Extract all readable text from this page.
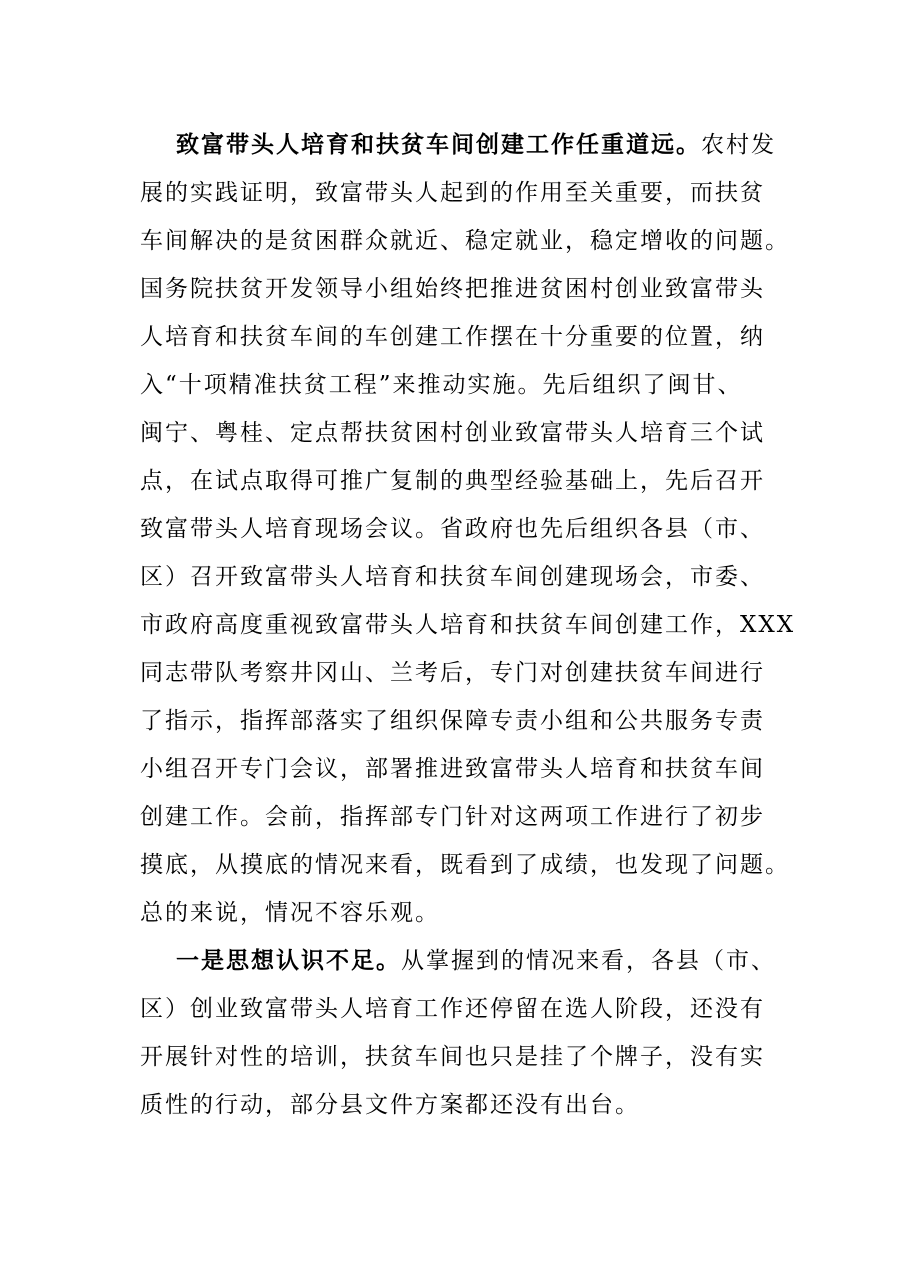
致富带头人培育和扶贫车间创建工作任重道远。农村发
展的实践证明，致富带头人起到的作用至关重要，而扶贫
车间解决的是贫困群众就近、稳定就业，稳定增收的问题。
国务院扶贫开发领导小组始终把推进贫困村创业致富带头
人培育和扶贫车间的车创建工作摆在十分重要的位置，纳
入“十项精准扶贫工程”来推动实施。先后组织了闽甘、
闽宁、粤桂、定点帮扶贫困村创业致富带头人培育三个试
点，在试点取得可推广复制的典型经验基础上，先后召开
致富带头人培育现场会议。省政府也先后组织各县（市、
区）召开致富带头人培育和扶贫车间创建现场会，市委、
市政府高度重视致富带头人培育和扶贫车间创建工作，XXX
同志带队考察井冈山、兰考后，专门对创建扶贫车间进行
了指示，指挥部落实了组织保障专责小组和公共服务专责
小组召开专门会议，部署推进致富带头人培育和扶贫车间
创建工作。会前，指挥部专门针对这两项工作进行了初步
摸底，从摸底的情况来看，既看到了成绩，也发现了问题。
总的来说，情况不容乐观。
一是思想认识不足。从掌握到的情况来看，各县（市、
区）创业致富带头人培育工作还停留在选人阶段，还没有
开展针对性的培训，扶贫车间也只是挂了个牌子，没有实
质性的行动，部分县文件方案都还没有出台。
